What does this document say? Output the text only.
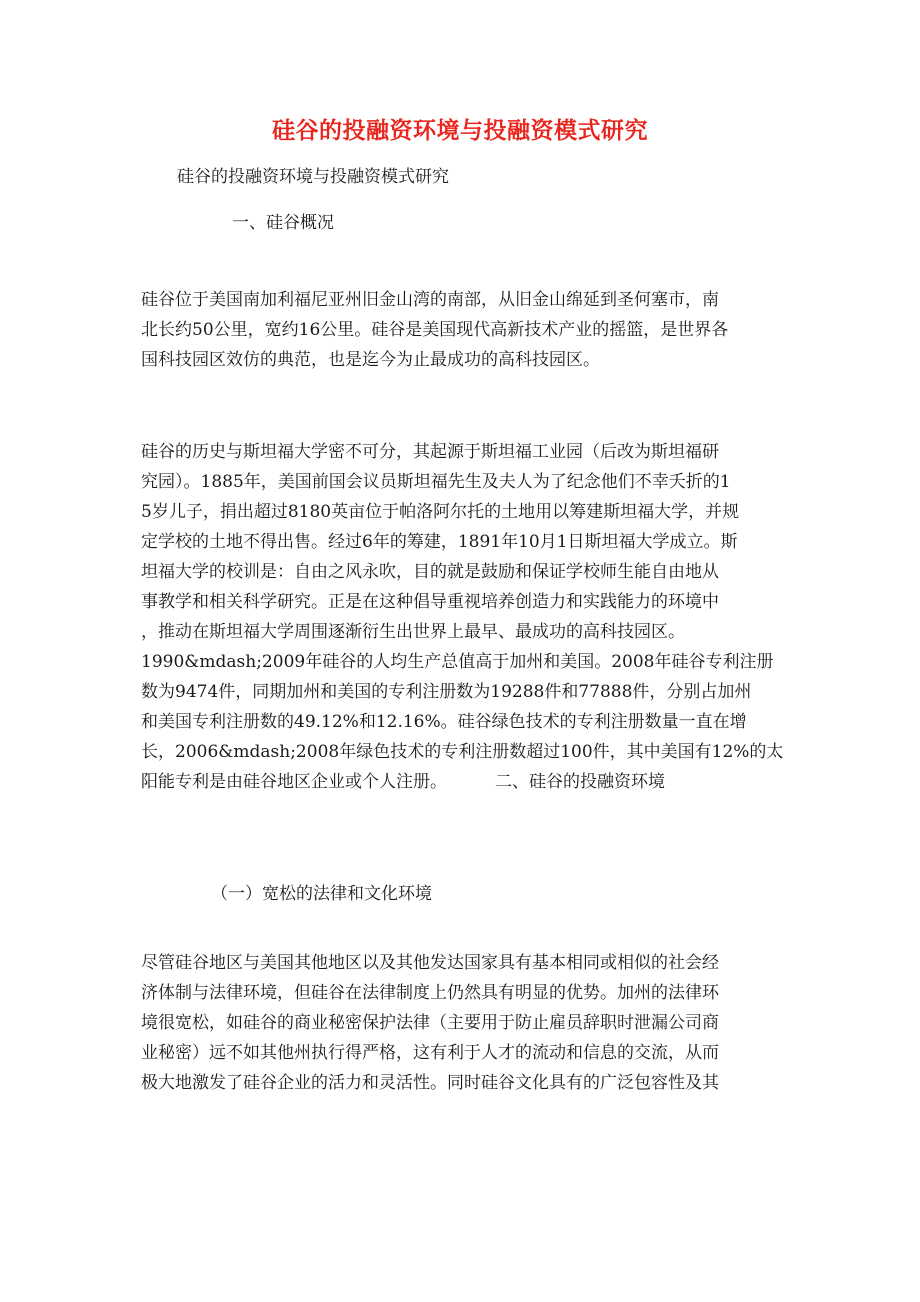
硅谷的投融资环境与投融资模式研究
硅谷的投融资环境与投融资模式研究
一、硅谷概况
硅谷位于美国南加利福尼亚州旧金山湾的南部，从旧金山绵延到圣何塞市，南
北长约50公里，宽约16公里。硅谷是美国现代高新技术产业的摇篮，是世界各
国科技园区效仿的典范，也是迄今为止最成功的高科技园区。
硅谷的历史与斯坦福大学密不可分，其起源于斯坦福工业园（后改为斯坦福研
究园）。1885年，美国前国会议员斯坦福先生及夫人为了纪念他们不幸夭折的1
5岁儿子，捐出超过8180英亩位于帕洛阿尔托的土地用以筹建斯坦福大学，并规
定学校的土地不得出售。经过6年的筹建，1891年10月1日斯坦福大学成立。斯
坦福大学的校训是：自由之风永吹，目的就是鼓励和保证学校师生能自由地从
事教学和相关科学研究。正是在这种倡导重视培养创造力和实践能力的环境中
，推动在斯坦福大学周围逐渐衍生出世界上最早、最成功的高科技园区。
1990&mdash;2009年硅谷的人均生产总值高于加州和美国。2008年硅谷专利注册
数为9474件，同期加州和美国的专利注册数为19288件和77888件，分别占加州
和美国专利注册数的49.12%和12.16%。硅谷绿色技术的专利注册数量一直在增
长，2006&mdash;2008年绿色技术的专利注册数超过100件，其中美国有12%的太
阳能专利是由硅谷地区企业或个人注册。	二、硅谷的投融资环境
（一）宽松的法律和文化环境
尽管硅谷地区与美国其他地区以及其他发达国家具有基本相同或相似的社会经
济体制与法律环境，但硅谷在法律制度上仍然具有明显的优势。加州的法律环
境很宽松，如硅谷的商业秘密保护法律（主要用于防止雇员辞职时泄漏公司商
业秘密）远不如其他州执行得严格，这有利于人才的流动和信息的交流，从而
极大地激发了硅谷企业的活力和灵活性。同时硅谷文化具有的广泛包容性及其
